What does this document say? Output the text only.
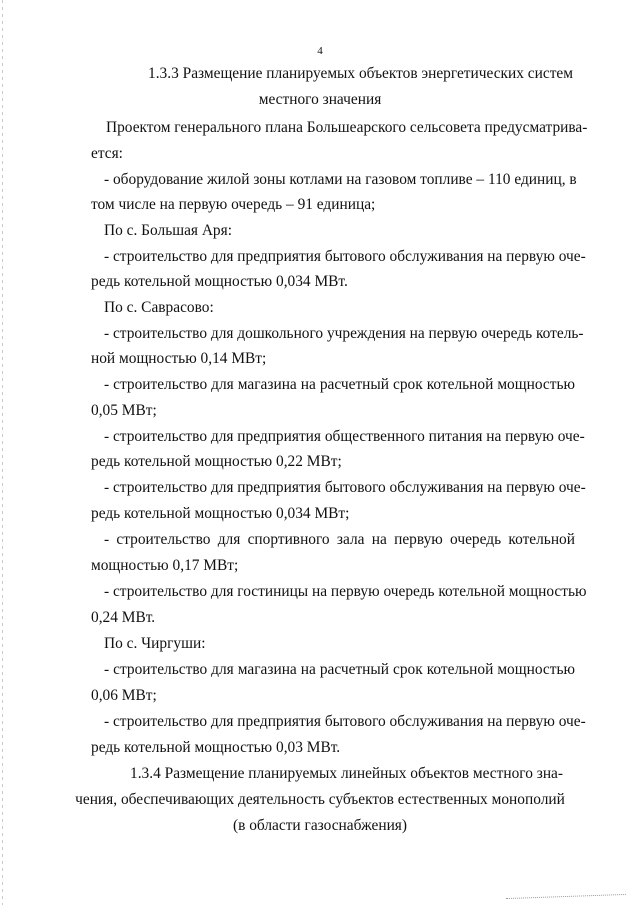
4
1.3.3 Размещение планируемых объектов энергетических систем
местного значения
Проектом генерального плана Большеарского сельсовета предусматрива-
ется:
- оборудование жилой зоны котлами на газовом топливе – 110 единиц, в
том числе на первую очередь – 91 единица;
По с. Большая Аря:
- строительство для предприятия бытового обслуживания на первую оче-
редь котельной мощностью 0,034 МВт.
По с. Саврасово:
- строительство для дошкольного учреждения на первую очередь котель-
ной мощностью 0,14 МВт;
- строительство для магазина на расчетный срок котельной мощностью
0,05 МВт;
- строительство для предприятия общественного питания на первую оче-
редь котельной мощностью 0,22 МВт;
- строительство для предприятия бытового обслуживания на первую оче-
редь котельной мощностью 0,034 МВт;
- строительство для спортивного зала на первую очередь котельной
мощностью 0,17 МВт;
- строительство для гостиницы на первую очередь котельной мощностью
0,24 МВт.
По с. Чиргуши:
- строительство для магазина на расчетный срок котельной мощностью
0,06 МВт;
- строительство для предприятия бытового обслуживания на первую оче-
редь котельной мощностью 0,03 МВт.
1.3.4 Размещение планируемых линейных объектов местного зна-
чения, обеспечивающих деятельность субъектов естественных монополий
(в области газоснабжения)
